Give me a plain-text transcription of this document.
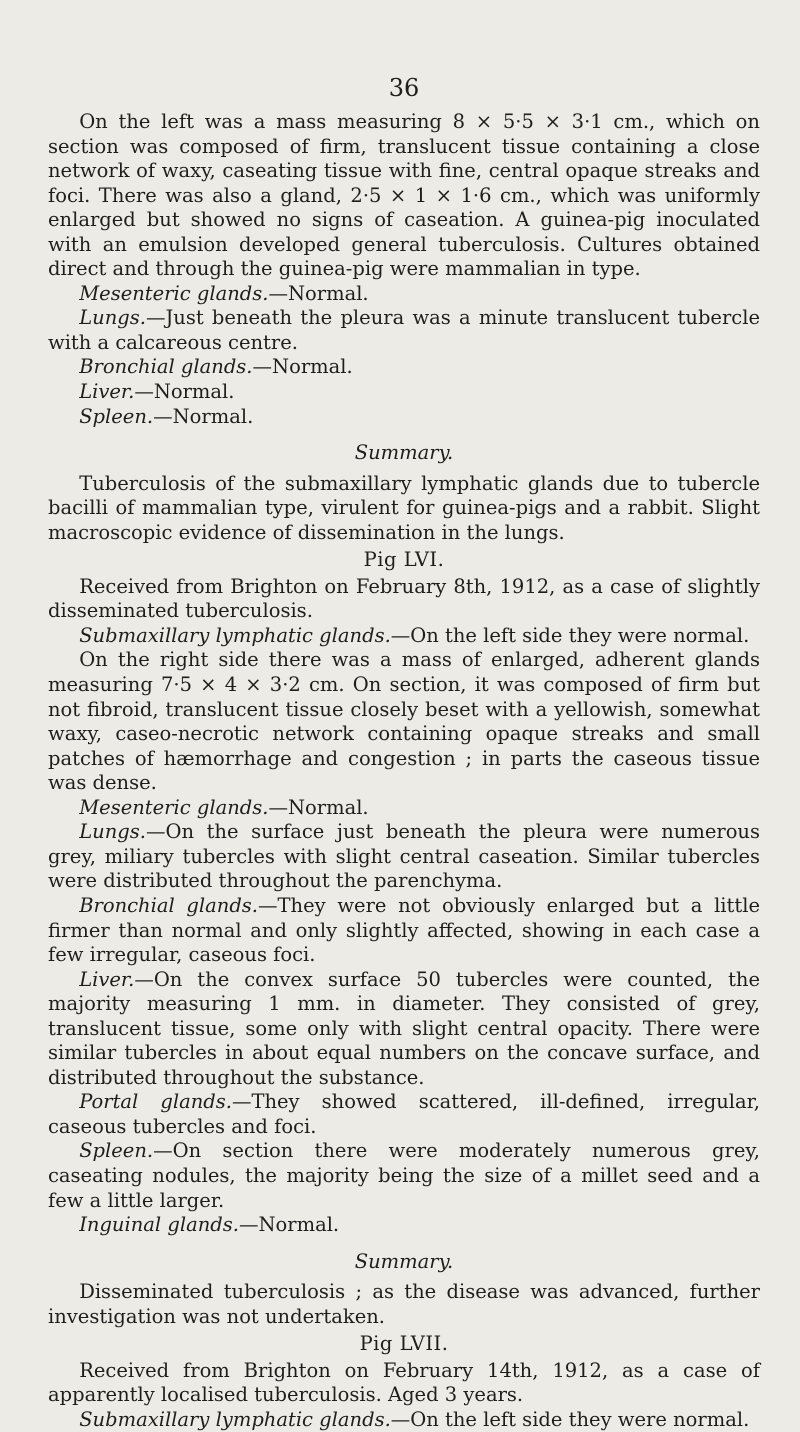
36

On the left was a mass measuring 8 × 5·5 × 3·1 cm., which on section was composed of firm, translucent tissue containing a close network of waxy, caseating tissue with fine, central opaque streaks and foci. There was also a gland, 2·5 × 1 × 1·6 cm., which was uniformly enlarged but showed no signs of caseation. A guinea-pig inoculated with an emulsion developed general tuberculosis. Cultures obtained direct and through the guinea-pig were mammalian in type.

Mesenteric glands.—Normal.

Lungs.—Just beneath the pleura was a minute translucent tubercle with a calcareous centre.

Bronchial glands.—Normal.

Liver.—Normal.

Spleen.—Normal.

Summary.

Tuberculosis of the submaxillary lymphatic glands due to tubercle bacilli of mammalian type, virulent for guinea-pigs and a rabbit. Slight macroscopic evidence of dissemination in the lungs.

Pig LVI.

Received from Brighton on February 8th, 1912, as a case of slightly disseminated tuberculosis.

Submaxillary lymphatic glands.—On the left side they were normal.

On the right side there was a mass of enlarged, adherent glands measuring 7·5 × 4 × 3·2 cm. On section, it was composed of firm but not fibroid, translucent tissue closely beset with a yellowish, somewhat waxy, caseo-necrotic network containing opaque streaks and small patches of hæmorrhage and congestion ; in parts the caseous tissue was dense.

Mesenteric glands.—Normal.

Lungs.—On the surface just beneath the pleura were numerous grey, miliary tubercles with slight central caseation. Similar tubercles were distributed throughout the parenchyma.

Bronchial glands.—They were not obviously enlarged but a little firmer than normal and only slightly affected, showing in each case a few irregular, caseous foci.

Liver.—On the convex surface 50 tubercles were counted, the majority measuring 1 mm. in diameter. They consisted of grey, translucent tissue, some only with slight central opacity. There were similar tubercles in about equal numbers on the concave surface, and distributed throughout the substance.

Portal glands.—They showed scattered, ill-defined, irregular, caseous tubercles and foci.

Spleen.—On section there were moderately numerous grey, caseating nodules, the majority being the size of a millet seed and a few a little larger.

Inguinal glands.—Normal.

Summary.

Disseminated tuberculosis ; as the disease was advanced, further investigation was not undertaken.

Pig LVII.

Received from Brighton on February 14th, 1912, as a case of apparently localised tuberculosis. Aged 3 years.

Submaxillary lymphatic glands.—On the left side they were normal.
